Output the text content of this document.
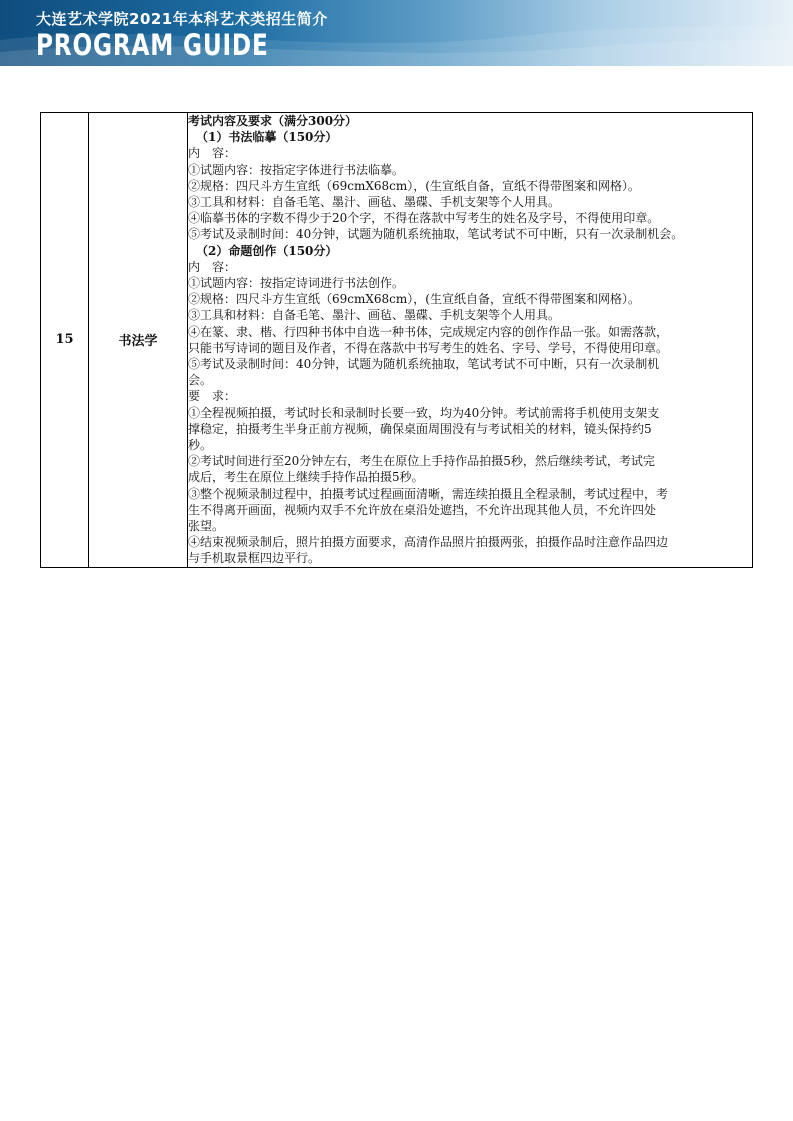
大连艺术学院2021年本科艺术类招生简介
PROGRAM GUIDE
15	书法学	
考试内容及要求（满分300分）
（1）书法临摹（150分）
内　容：
①试题内容：按指定字体进行书法临摹。
②规格：四尺斗方生宣纸（69cmX68cm），(生宣纸自备，宣纸不得带图案和网格）。
③工具和材料：自备毛笔、墨汁、画毡、墨碟、手机支架等个人用具。
④临摹书体的字数不得少于20个字，不得在落款中写考生的姓名及字号，不得使用印章。
⑤考试及录制时间：40分钟，试题为随机系统抽取，笔试考试不可中断，只有一次录制机会。
（2）命题创作（150分）
内　容：
①试题内容：按指定诗词进行书法创作。
②规格：四尺斗方生宣纸（69cmX68cm），(生宣纸自备，宣纸不得带图案和网格）。
③工具和材料：自备毛笔、墨汁、画毡、墨碟、手机支架等个人用具。
④在篆、隶、楷、行四种书体中自选一种书体，完成规定内容的创作作品一张。如需落款，
只能书写诗词的题目及作者，不得在落款中书写考生的姓名、字号、学号，不得使用印章。
⑤考试及录制时间：40分钟，试题为随机系统抽取，笔试考试不可中断，只有一次录制机
会。
要　求：
①全程视频拍摄，考试时长和录制时长要一致，均为40分钟。考试前需将手机使用支架支
撑稳定，拍摄考生半身正前方视频，确保桌面周围没有与考试相关的材料，镜头保持约5
秒。
②考试时间进行至20分钟左右，考生在原位上手持作品拍摄5秒，然后继续考试，考试完
成后，考生在原位上继续手持作品拍摄5秒。
③整个视频录制过程中，拍摄考试过程画面清晰，需连续拍摄且全程录制，考试过程中，考
生不得离开画面，视频内双手不允许放在桌沿处遮挡，不允许出现其他人员，不允许四处
张望。
④结束视频录制后，照片拍摄方面要求，高清作品照片拍摄两张，拍摄作品时注意作品四边
与手机取景框四边平行。
